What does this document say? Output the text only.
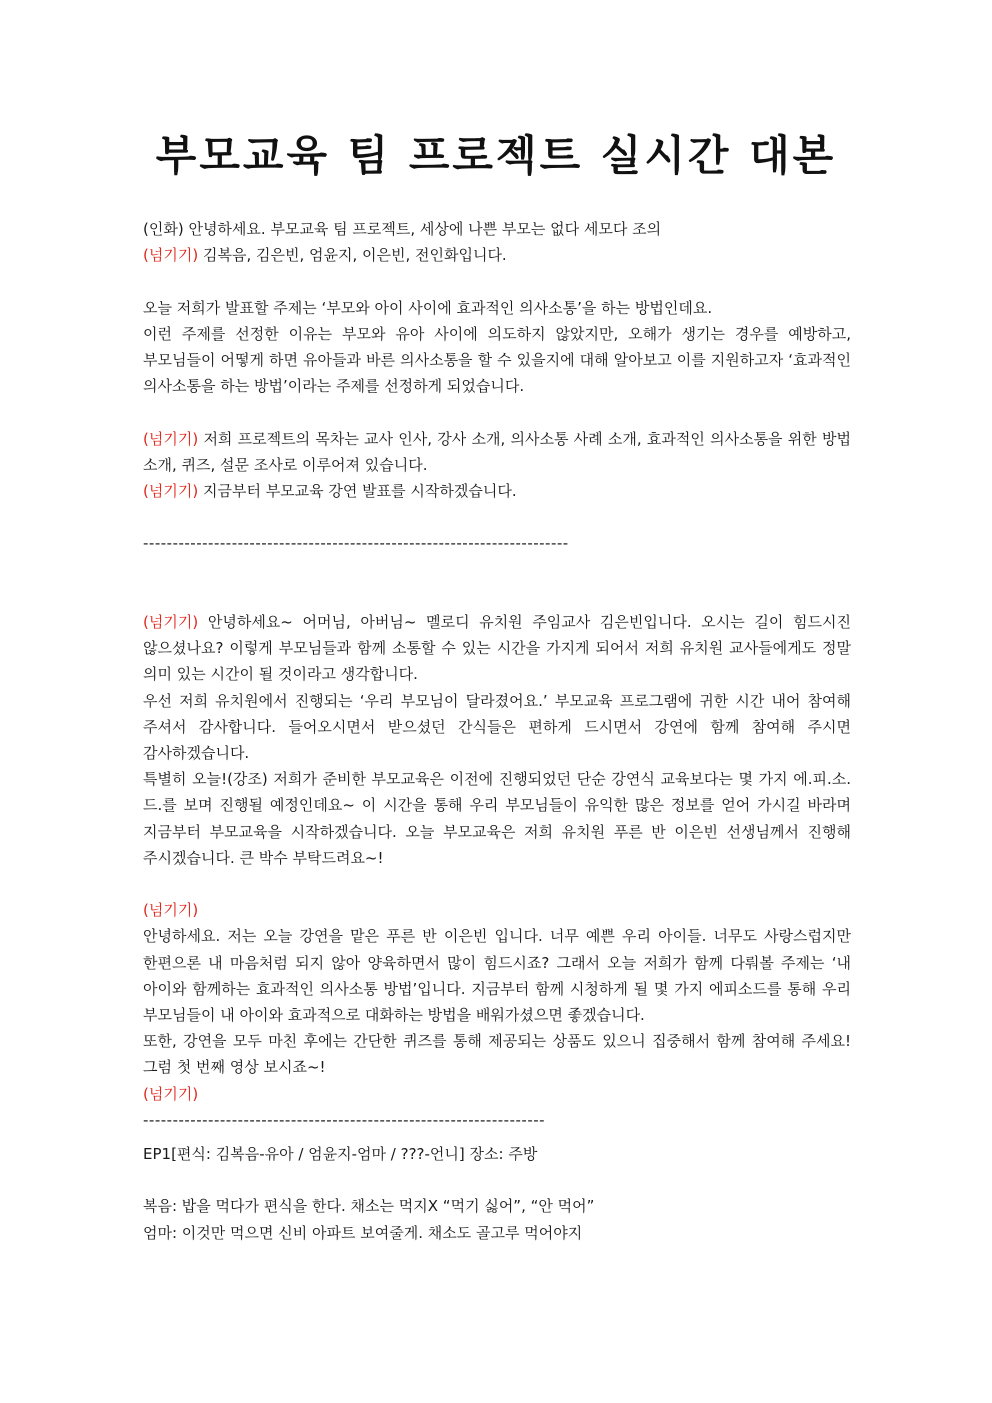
부모교육 팀 프로젝트 실시간 대본

(인화) 안녕하세요. 부모교육 팀 프로젝트, 세상에 나쁜 부모는 없다 세모다 조의

(넘기기) 김복음, 김은빈, 엄윤지, 이은빈, 전인화입니다.

오늘 저희가 발표할 주제는 ‘부모와 아이 사이에 효과적인 의사소통’을 하는 방법인데요.

이런 주제를 선정한 이유는 부모와 유아 사이에 의도하지 않았지만, 오해가 생기는 경우를 예방하고, 부모님들이 어떻게 하면 유아들과 바른 의사소통을 할 수 있을지에 대해 알아보고 이를 지원하고자 ‘효과적인 의사소통을 하는 방법’이라는 주제를 선정하게 되었습니다.

(넘기기) 저희 프로젝트의 목차는 교사 인사, 강사 소개, 의사소통 사례 소개, 효과적인 의사소통을 위한 방법 소개, 퀴즈, 설문 조사로 이루어져 있습니다.

(넘기기) 지금부터 부모교육 강연 발표를 시작하겠습니다.

------------------------------------------------------------------------

(넘기기) 안녕하세요~ 어머님, 아버님~ 멜로디 유치원 주임교사 김은빈입니다. 오시는 길이 힘드시진 않으셨나요? 이렇게 부모님들과 함께 소통할 수 있는 시간을 가지게 되어서 저희 유치원 교사들에게도 정말 의미 있는 시간이 될 것이라고 생각합니다.

우선 저희 유치원에서 진행되는 ‘우리 부모님이 달라졌어요.’ 부모교육 프로그램에 귀한 시간 내어 참여해 주셔서 감사합니다. 들어오시면서 받으셨던 간식들은 편하게 드시면서 강연에 함께 참여해 주시면 감사하겠습니다.

특별히 오늘!(강조) 저희가 준비한 부모교육은 이전에 진행되었던 단순 강연식 교육보다는 몇 가지 에.피.소.드.를 보며 진행될 예정인데요~ 이 시간을 통해 우리 부모님들이 유익한 많은 정보를 얻어 가시길 바라며 지금부터 부모교육을 시작하겠습니다. 오늘 부모교육은 저희 유치원 푸른 반 이은빈 선생님께서 진행해 주시겠습니다. 큰 박수 부탁드려요~!

(넘기기)

안녕하세요. 저는 오늘 강연을 맡은 푸른 반 이은빈 입니다. 너무 예쁜 우리 아이들. 너무도 사랑스럽지만 한편으론 내 마음처럼 되지 않아 양육하면서 많이 힘드시죠? 그래서 오늘 저희가 함께 다뤄볼 주제는 ‘내 아이와 함께하는 효과적인 의사소통 방법’입니다. 지금부터 함께 시청하게 될 몇 가지 에피소드를 통해 우리 부모님들이 내 아이와 효과적으로 대화하는 방법을 배워가셨으면 좋겠습니다.

또한, 강연을 모두 마친 후에는 간단한 퀴즈를 통해 제공되는 상품도 있으니 집중해서 함께 참여해 주세요! 그럼 첫 번째 영상 보시죠~!

(넘기기)

--------------------------------------------------------------------

EP1[편식: 김복음-유아 / 엄윤지-엄마 / ???-언니] 장소: 주방

복음: 밥을 먹다가 편식을 한다. 채소는 먹지X “먹기 싫어”, “안 먹어”

엄마: 이것만 먹으면 신비 아파트 보여줄게. 채소도 골고루 먹어야지
